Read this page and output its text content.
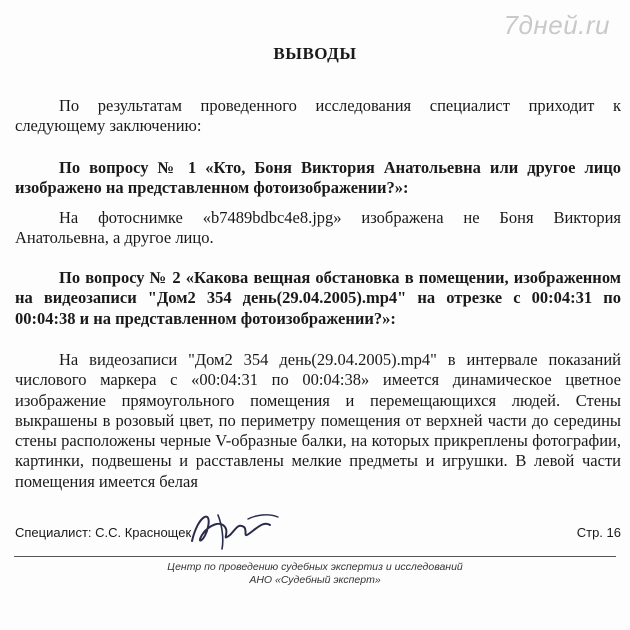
7дней.ru
ВЫВОДЫ
По результатам проведенного исследования специалист приходит к следующему заключению:
По вопросу № 1 «Кто, Боня Виктория Анатольевна или другое лицо изображено на представленном фотоизображении?»:
На фотоснимке «b7489bdbc4e8.jpg» изображена не Боня Виктория Анатольевна, а другое лицо.
По вопросу № 2 «Какова вещная обстановка в помещении, изображенном на видеозаписи "Дом2 354 день(29.04.2005).mp4" на отрезке с 00:04:31 по 00:04:38 и на представленном фотоизображении?»:
На видеозаписи "Дом2 354 день(29.04.2005).mp4" в интервале показаний числового маркера с «00:04:31 по 00:04:38» имеется динамическое цветное изображение прямоугольного помещения и перемещающихся людей. Стены выкрашены в розовый цвет, по периметру помещения от верхней части до середины стены расположены черные V-образные балки, на которых прикреплены фотографии, картинки, подвешены и расставлены мелкие предметы и игрушки. В левой части помещения имеется белая
Специалист: С.С. Краснощек	Стр. 16
Центр по проведению судебных экспертиз и исследований
АНО «Судебный эксперт»
